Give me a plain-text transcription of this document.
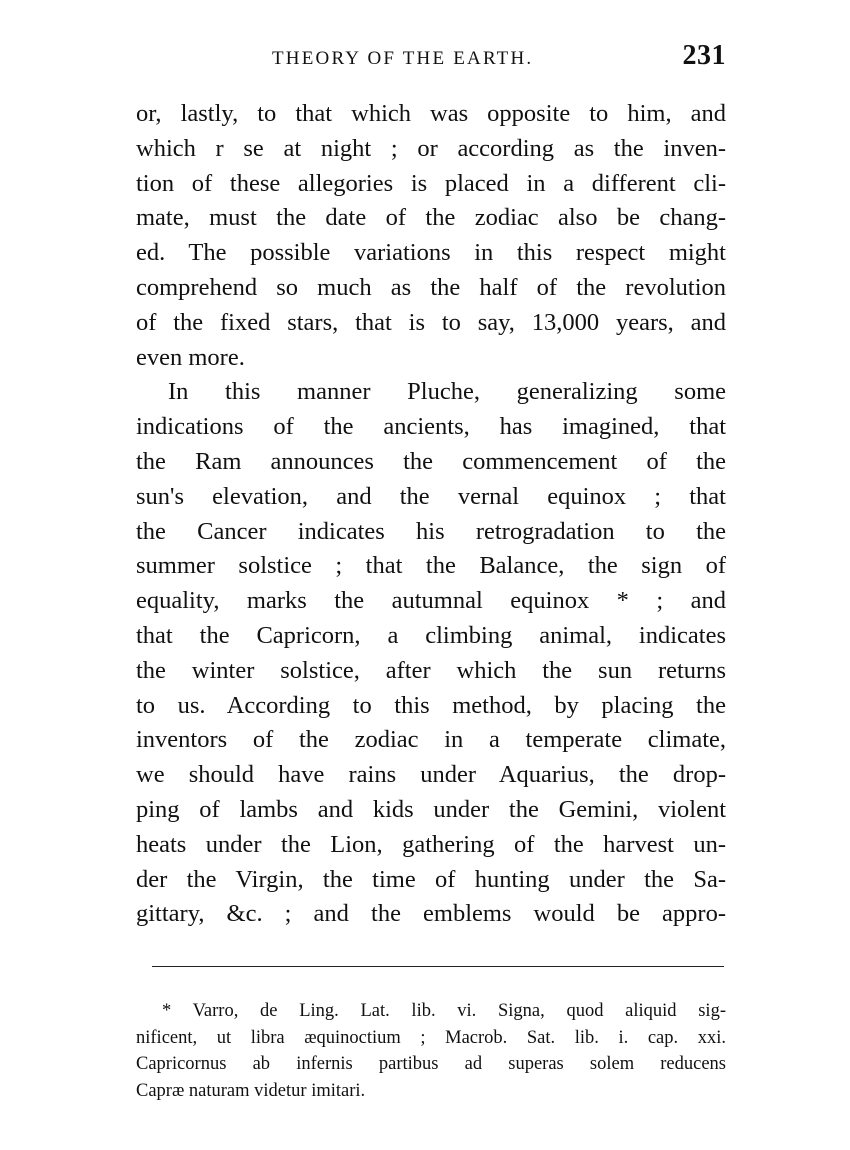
THEORY OF THE EARTH.	231
or, lastly, to that which was opposite to him, and
which r se at night ; or according as the inven-
tion of these allegories is placed in a different cli-
mate, must the date of the zodiac also be chang-
ed. The possible variations in this respect might
comprehend so much as the half of the revolution
of the fixed stars, that is to say, 13,000 years, and
even more.
In this manner Pluche, generalizing some
indications of the ancients, has imagined, that
the Ram announces the commencement of the
sun's elevation, and the vernal equinox ; that
the Cancer indicates his retrogradation to the
summer solstice ; that the Balance, the sign of
equality, marks the autumnal equinox * ; and
that the Capricorn, a climbing animal, indicates
the winter solstice, after which the sun returns
to us. According to this method, by placing the
inventors of the zodiac in a temperate climate,
we should have rains under Aquarius, the drop-
ping of lambs and kids under the Gemini, violent
heats under the Lion, gathering of the harvest un-
der the Virgin, the time of hunting under the Sa-
gittary, &c. ; and the emblems would be appro-
* Varro, de Ling. Lat. lib. vi. Signa, quod aliquid sig-
nificent, ut libra æquinoctium ; Macrob. Sat. lib. i. cap. xxi.
Capricornus ab infernis partibus ad superas solem reducens
Capræ naturam videtur imitari.
